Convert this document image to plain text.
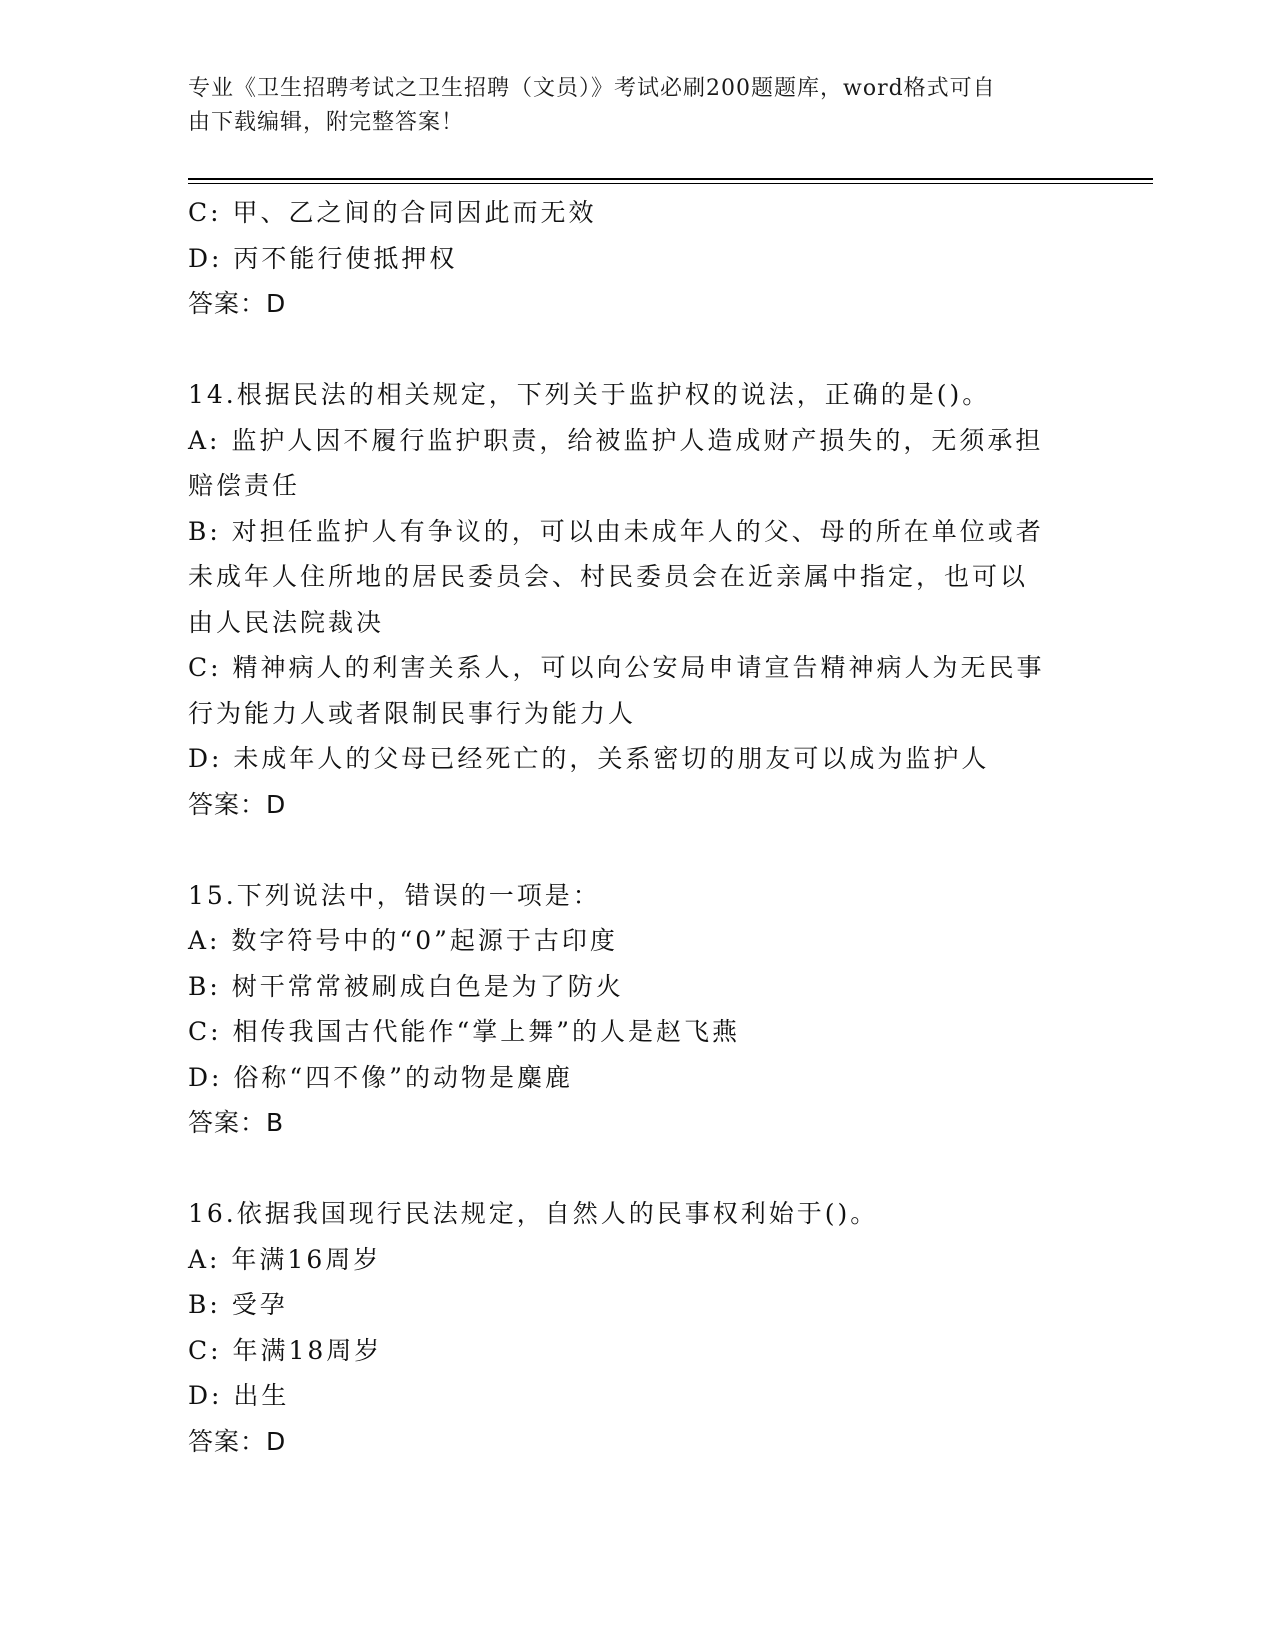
专业《卫生招聘考试之卫生招聘（文员）》考试必刷200题题库，word格式可自
由下载编辑，附完整答案！
C: 甲、乙之间的合同因此而无效
D: 丙不能行使抵押权
答案：D
14.根据民法的相关规定，下列关于监护权的说法，正确的是()。
A: 监护人因不履行监护职责，给被监护人造成财产损失的，无须承担
赔偿责任
B: 对担任监护人有争议的，可以由未成年人的父、母的所在单位或者
未成年人住所地的居民委员会、村民委员会在近亲属中指定，也可以
由人民法院裁决
C: 精神病人的利害关系人，可以向公安局申请宣告精神病人为无民事
行为能力人或者限制民事行为能力人
D: 未成年人的父母已经死亡的，关系密切的朋友可以成为监护人
答案：D
15.下列说法中，错误的一项是：
A: 数字符号中的“0”起源于古印度
B: 树干常常被刷成白色是为了防火
C: 相传我国古代能作“掌上舞”的人是赵飞燕
D: 俗称“四不像”的动物是麋鹿
答案：B
16.依据我国现行民法规定，自然人的民事权利始于()。
A: 年满16周岁
B: 受孕
C: 年满18周岁
D: 出生
答案：D
